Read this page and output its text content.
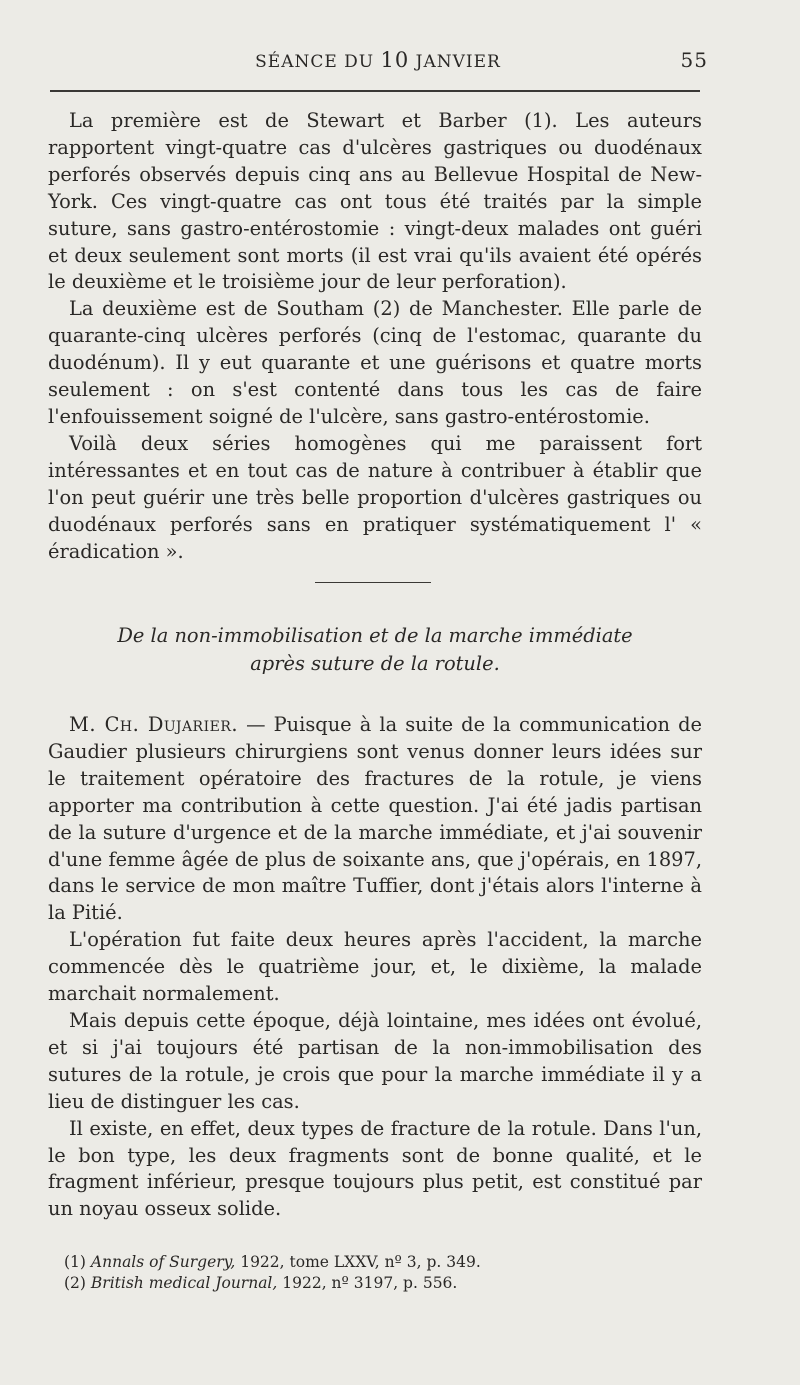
SÉANCE DU 10 JANVIER	55

La première est de Stewart et Barber (1). Les auteurs rapportent vingt-quatre cas d'ulcères gastriques ou duodénaux perforés observés depuis cinq ans au Bellevue Hospital de New-York. Ces vingt-quatre cas ont tous été traités par la simple suture, sans gastro-entérostomie : vingt-deux malades ont guéri et deux seulement sont morts (il est vrai qu'ils avaient été opérés le deuxième et le troisième jour de leur perforation).

La deuxième est de Southam (2) de Manchester. Elle parle de quarante-cinq ulcères perforés (cinq de l'estomac, quarante du duodénum). Il y eut quarante et une guérisons et quatre morts seulement : on s'est contenté dans tous les cas de faire l'enfouissement soigné de l'ulcère, sans gastro-entérostomie.

Voilà deux séries homogènes qui me paraissent fort intéressantes et en tout cas de nature à contribuer à établir que l'on peut guérir une très belle proportion d'ulcères gastriques ou duodénaux perforés sans en pratiquer systématiquement l' « éradication ».

De la non-immobilisation et de la marche immédiate
après suture de la rotule.

M. Ch. Dujarier. — Puisque à la suite de la communication de Gaudier plusieurs chirurgiens sont venus donner leurs idées sur le traitement opératoire des fractures de la rotule, je viens apporter ma contribution à cette question. J'ai été jadis partisan de la suture d'urgence et de la marche immédiate, et j'ai souvenir d'une femme âgée de plus de soixante ans, que j'opérais, en 1897, dans le service de mon maître Tuffier, dont j'étais alors l'interne à la Pitié.

L'opération fut faite deux heures après l'accident, la marche commencée dès le quatrième jour, et, le dixième, la malade marchait normalement.

Mais depuis cette époque, déjà lointaine, mes idées ont évolué, et si j'ai toujours été partisan de la non-immobilisation des sutures de la rotule, je crois que pour la marche immédiate il y a lieu de distinguer les cas.

Il existe, en effet, deux types de fracture de la rotule. Dans l'un, le bon type, les deux fragments sont de bonne qualité, et le fragment inférieur, presque toujours plus petit, est constitué par un noyau osseux solide.

(1) Annals of Surgery, 1922, tome LXXV, nº 3, p. 349.
(2) British medical Journal, 1922, nº 3197, p. 556.
